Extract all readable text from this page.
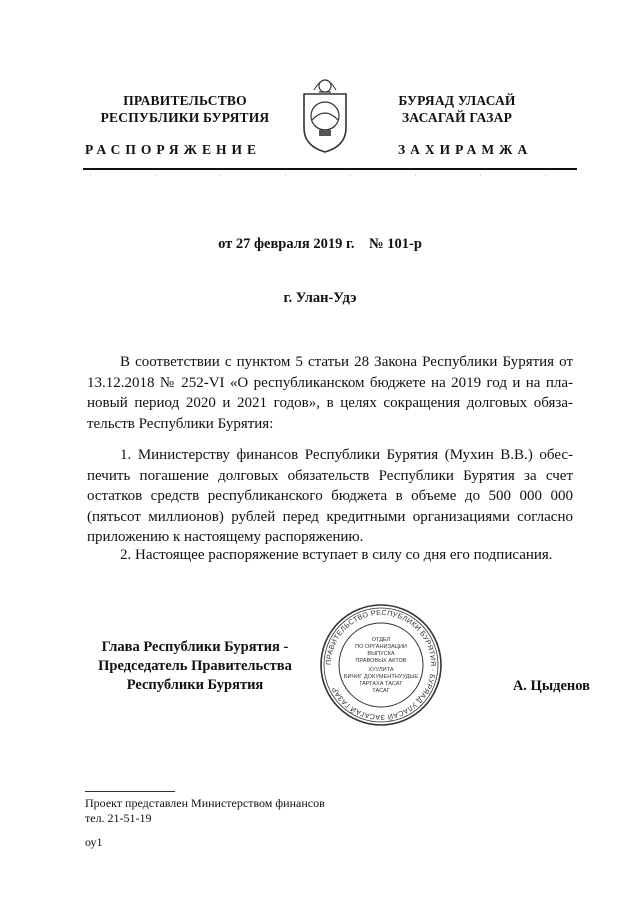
ПРАВИТЕЛЬСТВО
РЕСПУБЛИКИ БУРЯТИЯ
РАСПОРЯЖЕНИЕ
БУРЯАД УЛАСАЙ
ЗАСАГАЙ ГАЗАР
ЗАХИРАМЖА
от 27 февраля 2019 г.    № 101-р
г. Улан-Удэ
В соответствии с пунктом 5 статьи 28 Закона Республики Бурятия от
13.12.2018 № 252-VI «О республиканском бюджете на 2019 год и на пла-
новый период 2020 и 2021 годов», в целях сокращения долговых обяза-
тельств Республики Бурятия:
1. Министерству финансов Республики Бурятия (Мухин В.В.) обес-
печить погашение долговых обязательств Республики Бурятия за счет
остатков средств республиканского бюджета в объеме до 500 000 000
(пятьсот миллионов) рублей перед кредитными организациями согласно
приложению к настоящему распоряжению.
2. Настоящее распоряжение вступает в силу со дня его подписания.
Глава Республики Бурятия -
Председатель Правительства
Республики Бурятия
ПРАВИТЕЛЬСТВО РЕСПУБЛИКИ БУРЯТИЯ · БУРЯАД УЛАСАЙ ЗАСАГАЙ ГАЗАР
ОТДЕЛ
ПО ОРГАНИЗАЦИИ
ВЫПУСКА
ПРАВОВЫХ АКТОВ
ХУУЛИТА
БИЧИГ ДОКУМЕНТНУУДЫЕ
ГАРГАХА ТАСАГ
ТАСАГ	А. Цыденов
Проект представлен Министерством финансов
тел. 21-51-19
оу1
